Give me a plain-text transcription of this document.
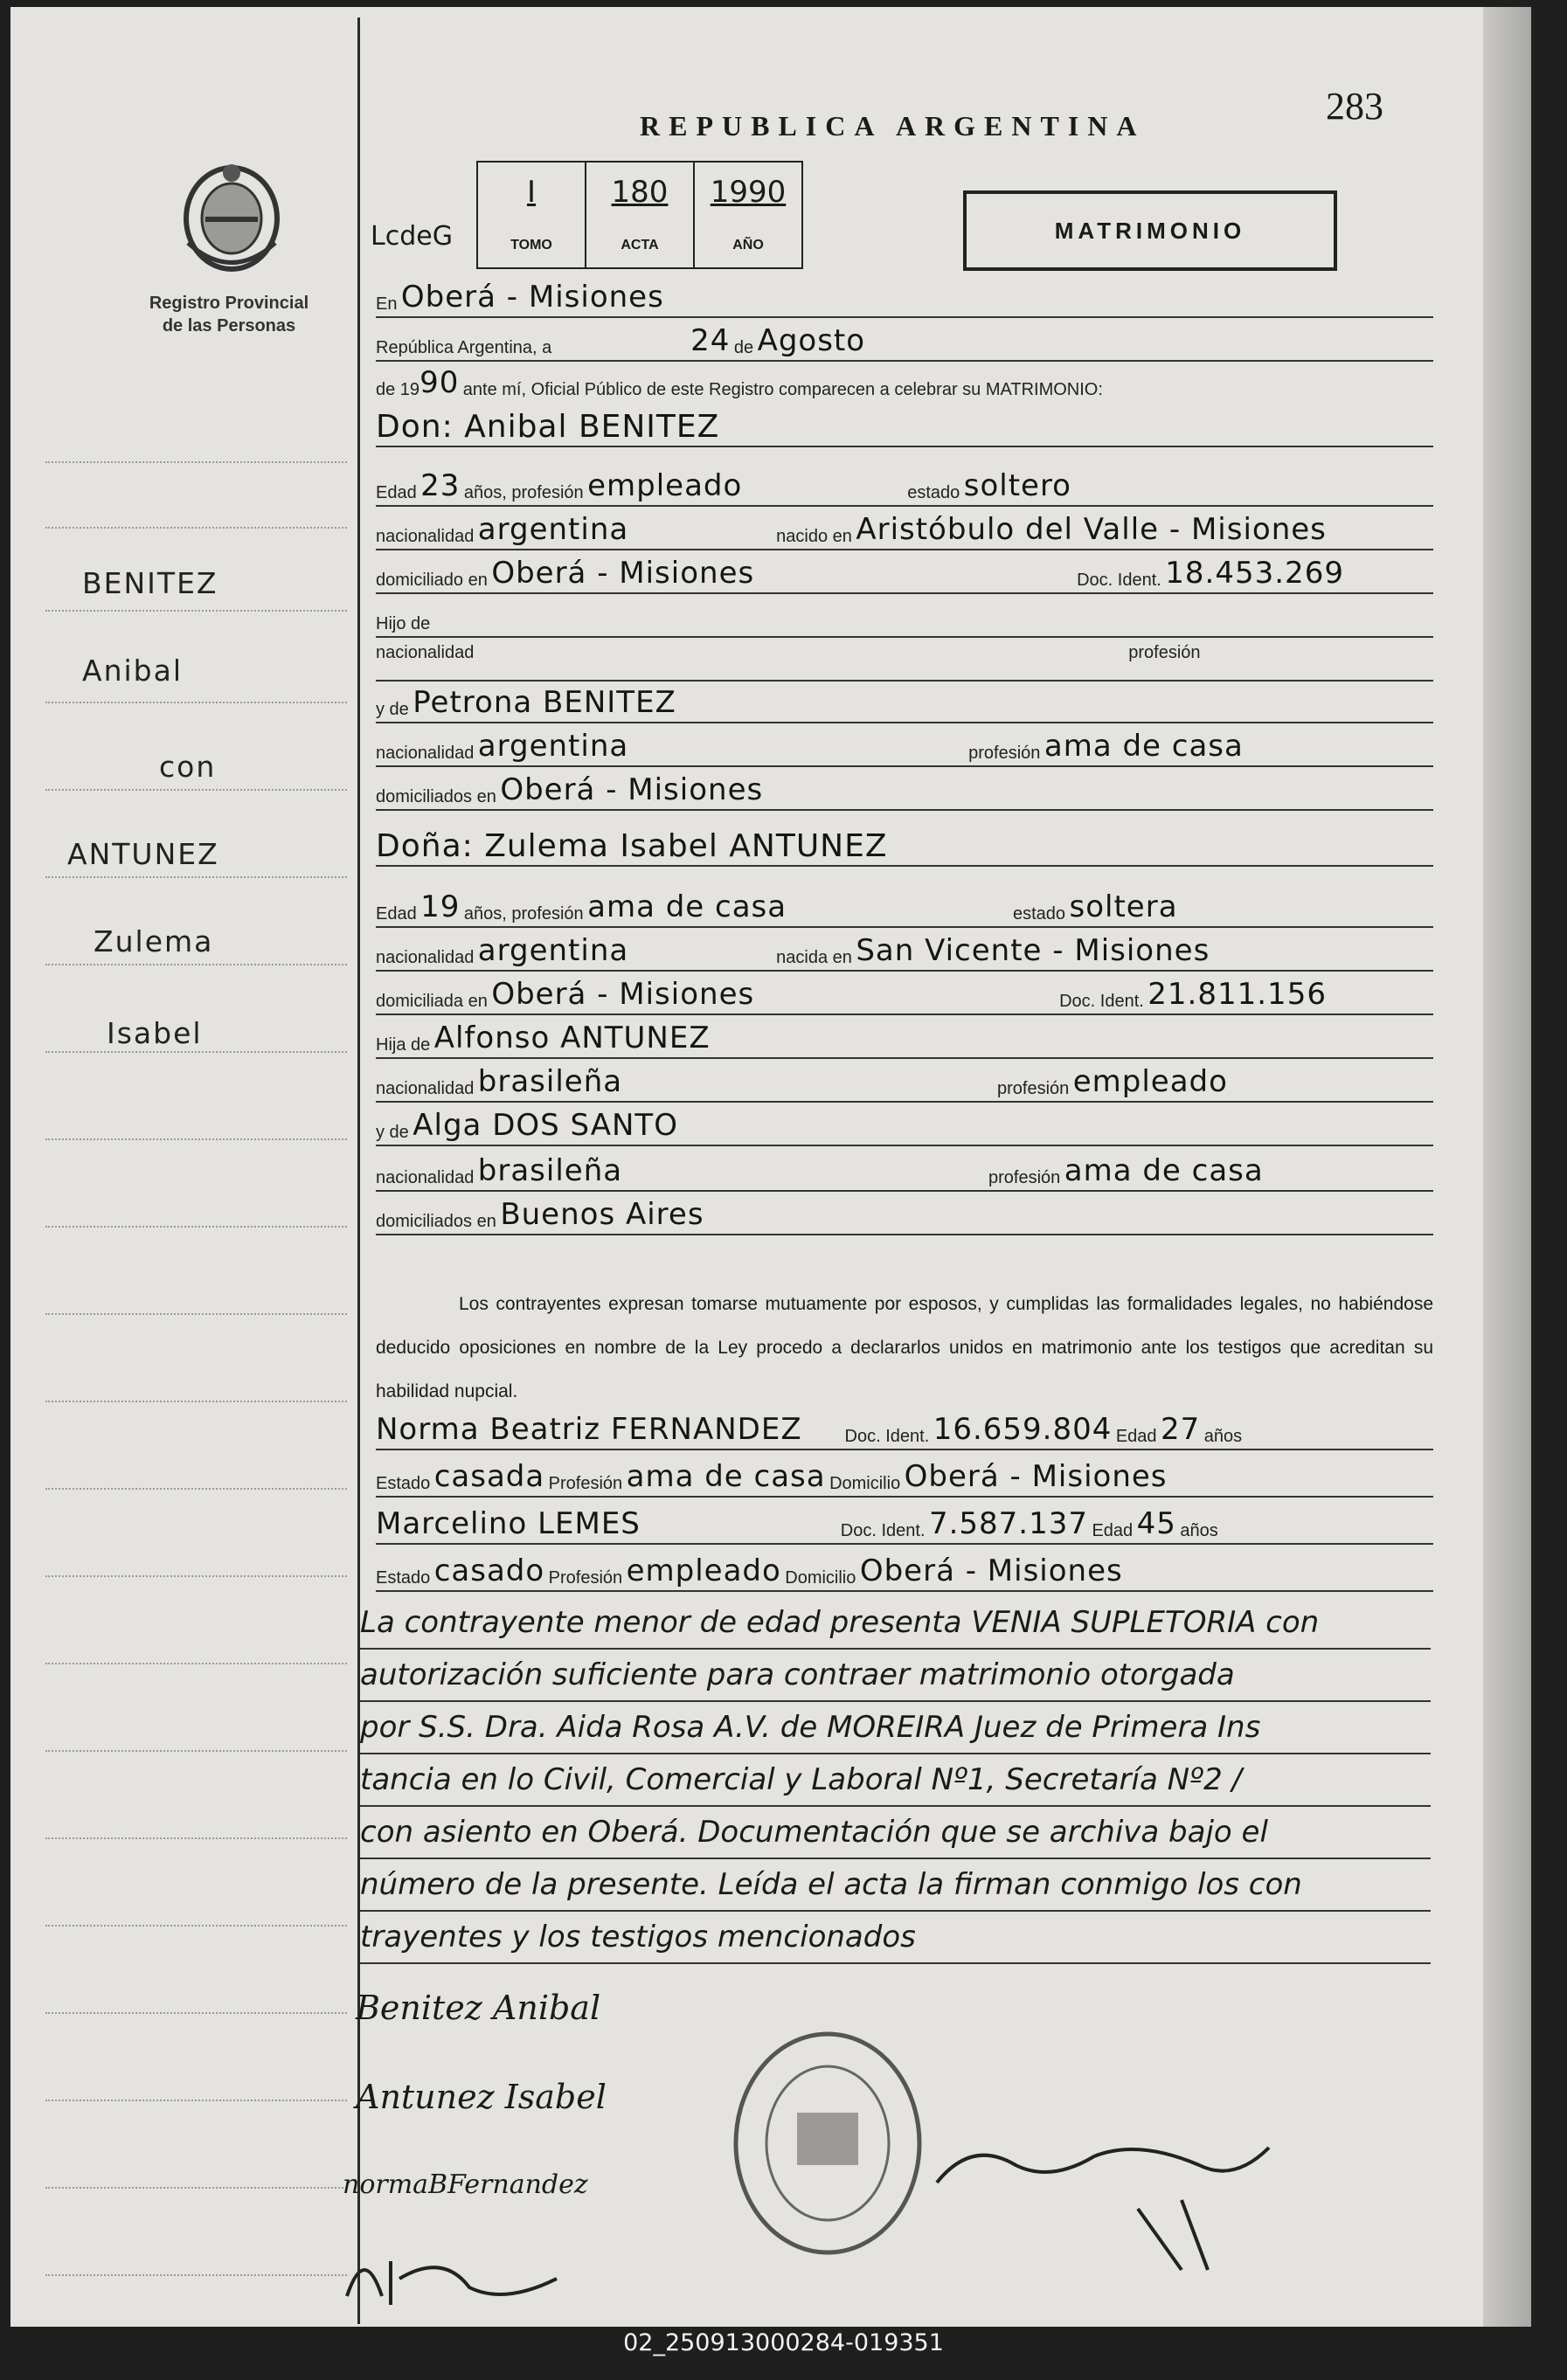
Registro Provincial
de las Personas
BENITEZ
Anibal
con
ANTUNEZ
Zulema
Isabel
283
REPUBLICA ARGENTINA
LcdeG
I
TOMO
180
ACTA
1990
AÑO
MATRIMONIO
En Oberá - Misiones
República Argentina, a	24 de Agosto
de 1990 ante mí, Oficial Público de este Registro comparecen a celebrar su MATRIMONIO:
Don: Anibal BENITEZ
Edad 23 años, profesión empleado	estado soltero
nacionalidad argentina	nacido en Aristóbulo del Valle - Misiones
domiciliado en Oberá - Misiones	Doc. Ident. 18.453.269
Hijo de
nacionalidad	profesión
y de Petrona BENITEZ
nacionalidad argentina	profesión ama de casa
domiciliados en Oberá - Misiones
Doña: Zulema Isabel ANTUNEZ
Edad 19 años, profesión ama de casa	estado soltera
nacionalidad argentina	nacida en San Vicente - Misiones
domiciliada en Oberá - Misiones	Doc. Ident. 21.811.156
Hija de Alfonso ANTUNEZ
nacionalidad brasileña	profesión empleado
y de Alga DOS SANTO
nacionalidad brasileña	profesión ama de casa
domiciliados en Buenos Aires
Los contrayentes expresan tomarse mutuamente por esposos, y cumplidas las formalidades legales, no habiéndose deducido oposiciones en nombre de la Ley procedo a declararlos unidos en matrimonio ante los testigos que acreditan su habilidad nupcial.
Norma Beatriz FERNANDEZ Doc. Ident. 16.659.804 Edad 27 años
Estado casada Profesión ama de casa Domicilio Oberá - Misiones
Marcelino LEMES	Doc. Ident. 7.587.137 Edad 45 años
Estado casado Profesión empleado Domicilio Oberá - Misiones
La contrayente menor de edad presenta VENIA SUPLETORIA con
autorización suficiente para contraer matrimonio otorgada
por S.S. Dra. Aida Rosa A.V. de MOREIRA Juez de Primera Ins
tancia en lo Civil, Comercial y Laboral Nº1, Secretaría Nº2 /
con asiento en Oberá. Documentación que se archiva bajo el
número de la presente. Leída el acta la firman conmigo los con
trayentes y los testigos mencionados
Benitez Anibal
Antunez Isabel
normaBFernandez
02_250913000284-019351
